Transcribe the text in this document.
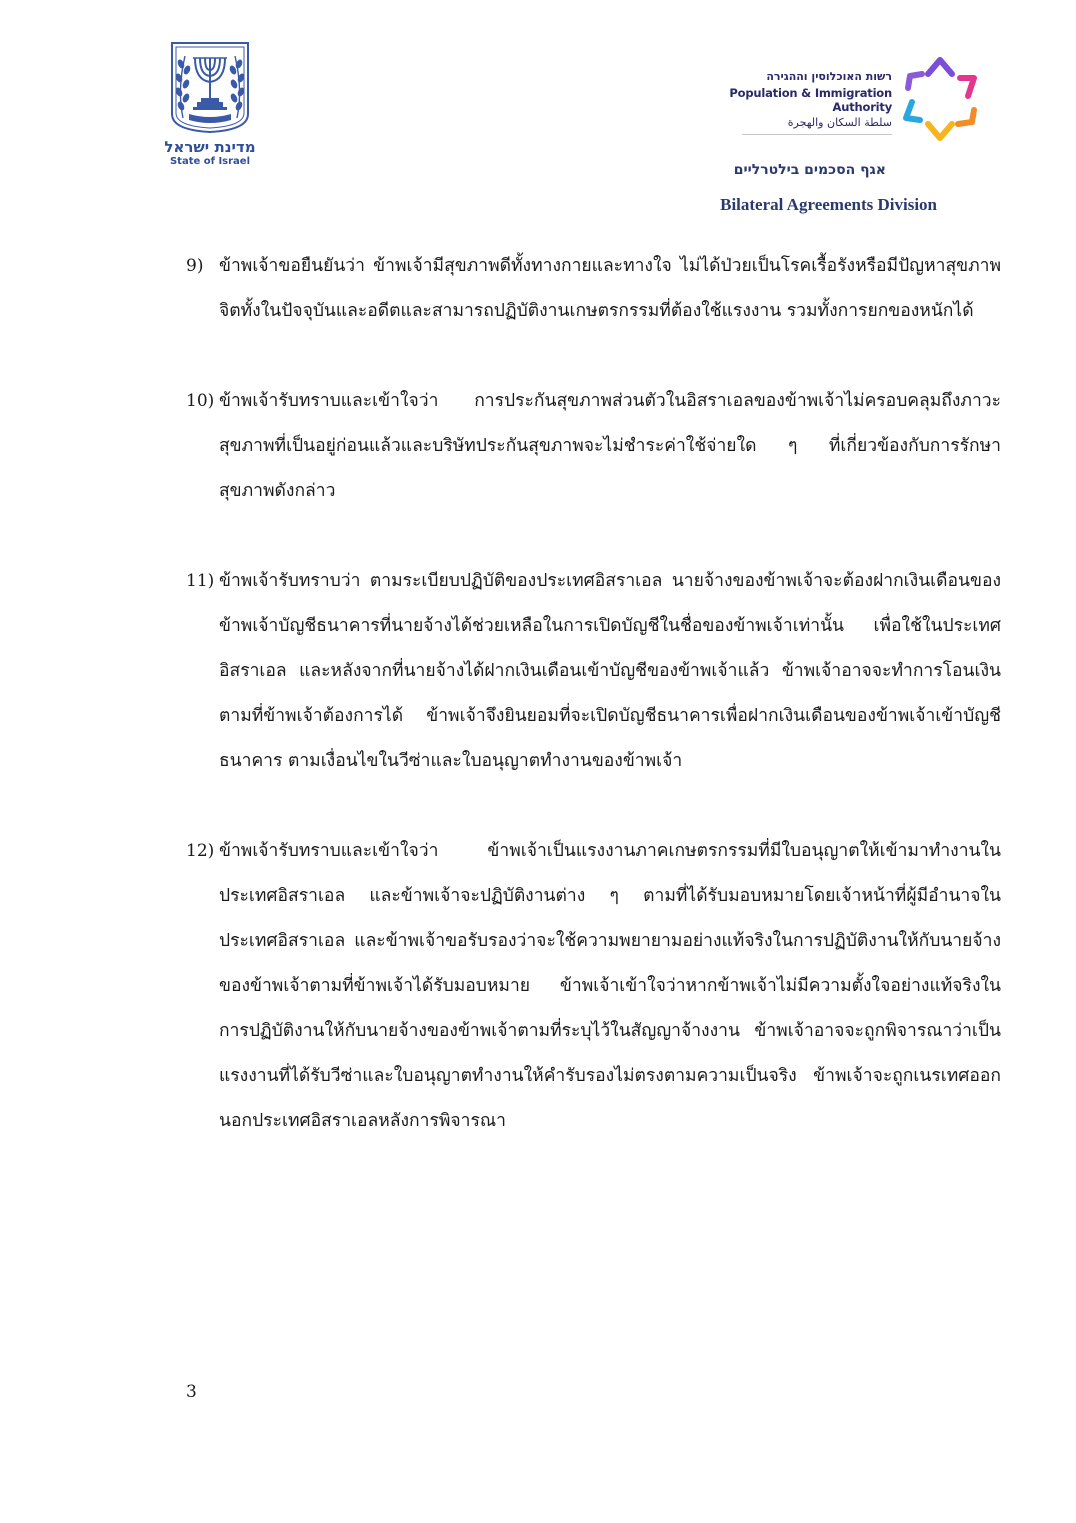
מדינת ישראל
State of Israel
רשות האוכלוסין וההגירה
Population & Immigration Authority
سلطة السكان والهجرة
אגף הסכמים בילטרליים
Bilateral Agreements Division
9) ข้าพเจ้าขอยืนยันว่า ข้าพเจ้ามีสุขภาพดีทั้งทางกายและทางใจ ไม่ได้ป่วยเป็นโรคเรื้อรังหรือมีปัญหาสุขภาพจิตทั้งในปัจจุบันและอดีตและสามารถปฏิบัติงานเกษตรกรรมที่ต้องใช้แรงงาน รวมทั้งการยกของหนักได้
10) ข้าพเจ้ารับทราบและเข้าใจว่า การประกันสุขภาพส่วนตัวในอิสราเอลของข้าพเจ้าไม่ครอบคลุมถึงภาวะสุขภาพที่เป็นอยู่ก่อนแล้วและบริษัทประกันสุขภาพจะไม่ชำระค่าใช้จ่ายใด ๆ ที่เกี่ยวข้องกับการรักษาสุขภาพดังกล่าว
11) ข้าพเจ้ารับทราบว่า ตามระเบียบปฏิบัติของประเทศอิสราเอล นายจ้างของข้าพเจ้าจะต้องฝากเงินเดือนของข้าพเจ้าบัญชีธนาคารที่นายจ้างได้ช่วยเหลือในการเปิดบัญชีในชื่อของข้าพเจ้าเท่านั้น เพื่อใช้ในประเทศอิสราเอล และหลังจากที่นายจ้างได้ฝากเงินเดือนเข้าบัญชีของข้าพเจ้าแล้ว ข้าพเจ้าอาจจะทำการโอนเงินตามที่ข้าพเจ้าต้องการได้ ข้าพเจ้าจึงยินยอมที่จะเปิดบัญชีธนาคารเพื่อฝากเงินเดือนของข้าพเจ้าเข้าบัญชีธนาคาร ตามเงื่อนไขในวีซ่าและใบอนุญาตทำงานของข้าพเจ้า
12) ข้าพเจ้ารับทราบและเข้าใจว่า ข้าพเจ้าเป็นแรงงานภาคเกษตรกรรมที่มีใบอนุญาตให้เข้ามาทำงานในประเทศอิสราเอล และข้าพเจ้าจะปฏิบัติงานต่าง ๆ ตามที่ได้รับมอบหมายโดยเจ้าหน้าที่ผู้มีอำนาจในประเทศอิสราเอล และข้าพเจ้าขอรับรองว่าจะใช้ความพยายามอย่างแท้จริงในการปฏิบัติงานให้กับนายจ้างของข้าพเจ้าตามที่ข้าพเจ้าได้รับมอบหมาย ข้าพเจ้าเข้าใจว่าหากข้าพเจ้าไม่มีความตั้งใจอย่างแท้จริงในการปฏิบัติงานให้กับนายจ้างของข้าพเจ้าตามที่ระบุไว้ในสัญญาจ้างงาน ข้าพเจ้าอาจจะถูกพิจารณาว่าเป็นแรงงานที่ได้รับวีซ่าและใบอนุญาตทำงานให้คำรับรองไม่ตรงตามความเป็นจริง ข้าพเจ้าจะถูกเนรเทศออกนอกประเทศอิสราเอลหลังการพิจารณา
3
